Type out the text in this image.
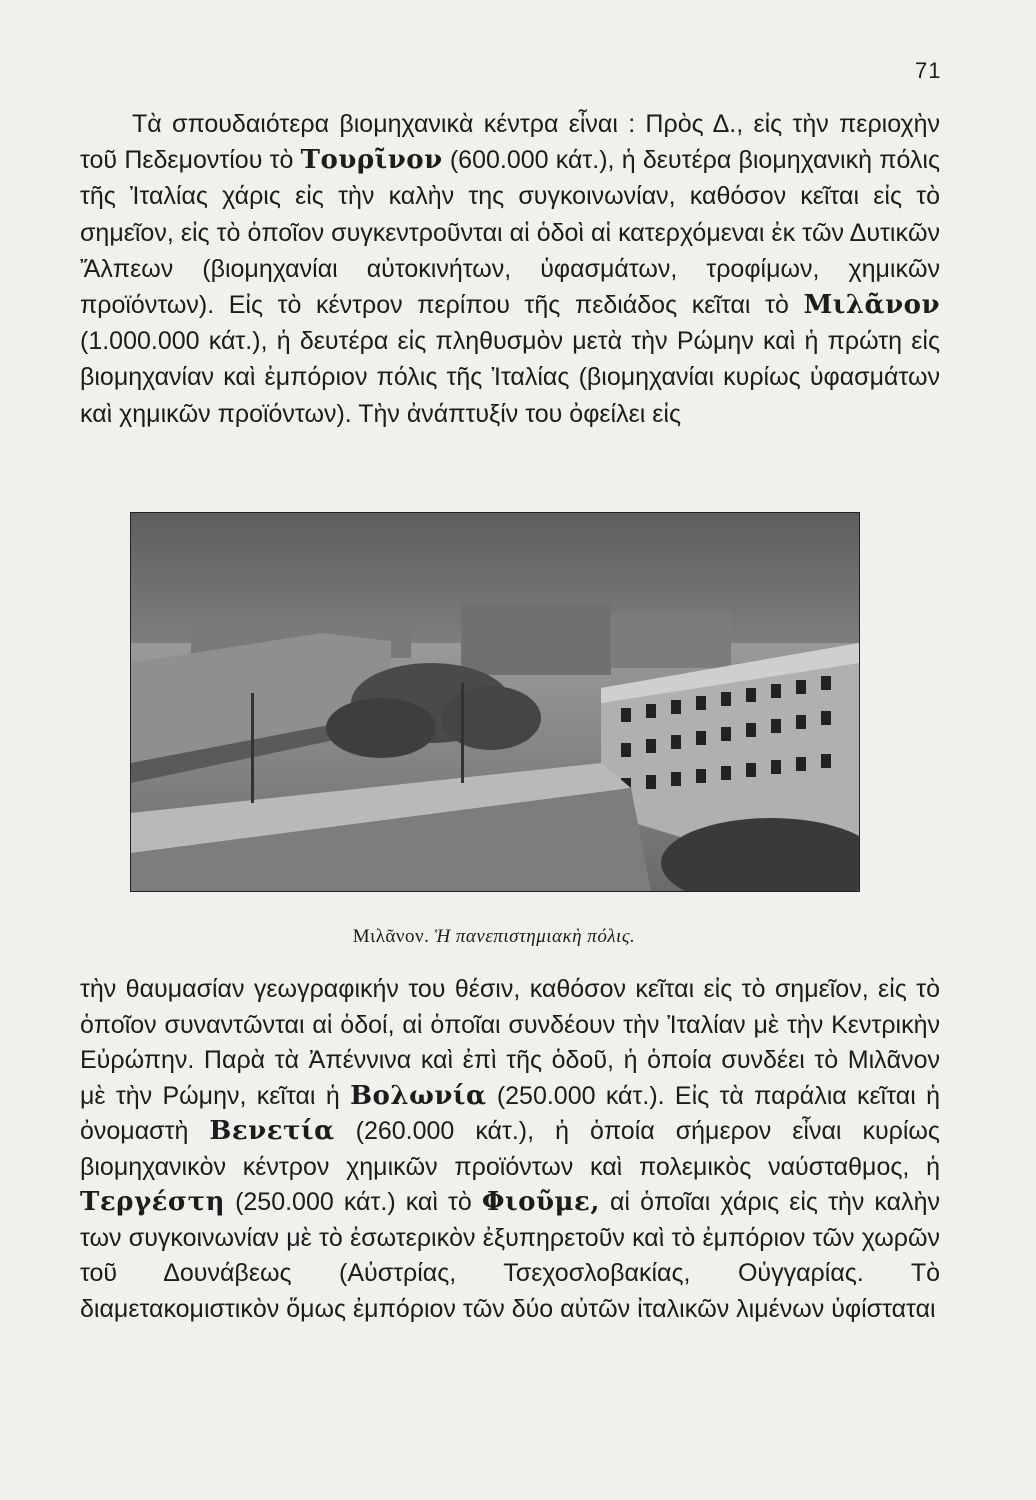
71

Τὰ σπουδαιότερα βιομηχανικὰ κέντρα εἶναι : Πρὸς Δ., εἰς τὴν περιοχὴν τοῦ Πεδεμοντίου τὸ Τουρῖνον (600.000 κάτ.), ἡ δευτέρα βιομηχανικὴ πόλις τῆς Ἰταλίας χάρις εἰς τὴν καλὴν της συγκοινωνίαν, καθόσον κεῖται εἰς τὸ σημεῖον, εἰς τὸ ὁποῖον συγκεντροῦνται αἱ ὁδοὶ αἱ κατερχόμεναι ἐκ τῶν Δυτικῶν Ἄλπεων (βιομηχανίαι αὐτοκινήτων, ὑφασμάτων, τροφίμων, χημικῶν προϊόντων). Εἰς τὸ κέντρον περίπου τῆς πεδιάδος κεῖται τὸ Μιλᾶνον (1.000.000 κάτ.), ἡ δευτέρα εἰς πληθυσμὸν μετὰ τὴν Ρώμην καὶ ἡ πρώτη εἰς βιομηχανίαν καὶ ἐμπόριον πόλις τῆς Ἰταλίας (βιομηχανίαι κυρίως ὑφασμάτων καὶ χημικῶν προϊόντων). Τὴν ἀνάπτυξίν του ὀφείλει εἰς

Μιλᾶνον. Ἡ πανεπιστημιακὴ πόλις.

τὴν θαυμασίαν γεωγραφικήν του θέσιν, καθόσον κεῖται εἰς τὸ σημεῖον, εἰς τὸ ὁποῖον συναντῶνται αἱ ὁδοί, αἱ ὁποῖαι συνδέουν τὴν Ἰταλίαν μὲ τὴν Κεντρικὴν Εὐρώπην. Παρὰ τὰ Ἀπέννινα καὶ ἐπὶ τῆς ὁδοῦ, ἡ ὁποία συνδέει τὸ Μιλᾶνον μὲ τὴν Ρώμην, κεῖται ἡ Βολωνία (250.000 κάτ.). Εἰς τὰ παράλια κεῖται ἡ ὀνομαστὴ Βενετία (260.000 κάτ.), ἡ ὁποία σήμερον εἶναι κυρίως βιομηχανικὸν κέντρον χημικῶν προϊόντων καὶ πολεμικὸς ναύσταθμος, ἡ Τεργέστη (250.000 κάτ.) καὶ τὸ Φιοῦμε, αἱ ὁποῖαι χάρις εἰς τὴν καλὴν των συγκοινωνίαν μὲ τὸ ἐσωτερικὸν ἐξυπηρετοῦν καὶ τὸ ἐμπόριον τῶν χωρῶν τοῦ Δουνάβεως (Αὐστρίας, Τσεχοσλοβακίας, Οὐγγαρίας. Τὸ διαμετακομιστικὸν ὅμως ἐμπόριον τῶν δύο αὐτῶν ἰταλικῶν λιμένων ὑφίσταται
